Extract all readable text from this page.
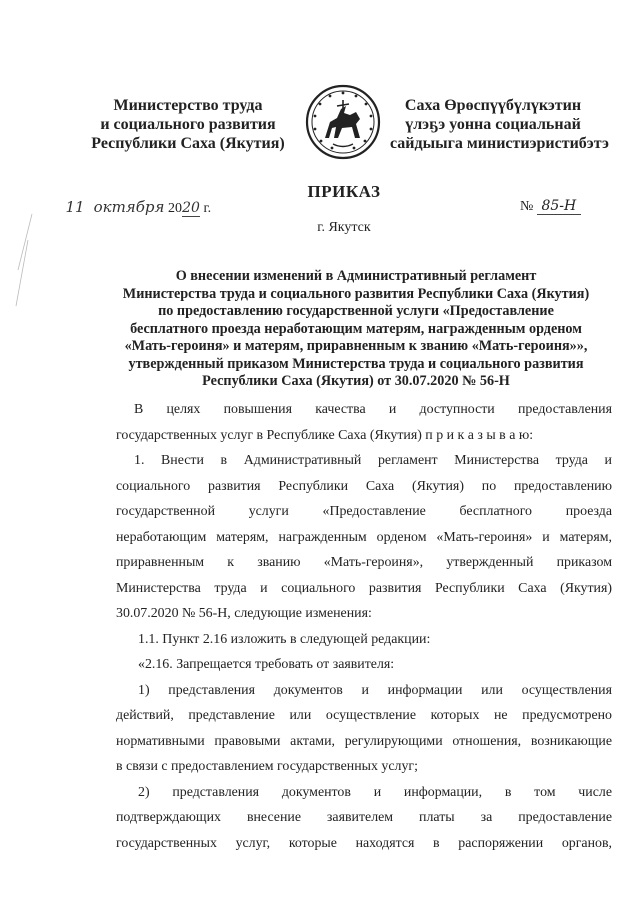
Министерство труда
и социального развития
Республики Саха (Якутия)
Саха Өрөспүүбүлүкэтин
үлэҕэ уонна социальнай
сайдыыга министиэристибэтэ
ПРИКАЗ
11 октября 2020 г.	№ 85-Н
г. Якутск
О внесении изменений в Административный регламент
Министерства труда и социального развития Республики Саха (Якутия)
по предоставлению государственной услуги «Предоставление
бесплатного проезда неработающим матерям, награжденным орденом
«Мать-героиня» и матерям, приравненным к званию «Мать-героиня»»,
утвержденный приказом Министерства труда и социального развития
Республики Саха (Якутия) от 30.07.2020 № 56-Н

В целях повышения качества и доступности предоставления

государственных услуг в Республике Саха (Якутия) п р и к а з ы в а ю:

1. Внести в Административный регламент Министерства труда и

социального развития Республики Саха (Якутия) по предоставлению

государственной услуги «Предоставление бесплатного проезда

неработающим матерям, награжденным орденом «Мать-героиня» и матерям,

приравненным к званию «Мать-героиня», утвержденный приказом

Министерства труда и социального развития Республики Саха (Якутия)

30.07.2020 № 56-Н, следующие изменения:

1.1. Пункт 2.16 изложить в следующей редакции:

«2.16. Запрещается требовать от заявителя:

1) представления документов и информации или осуществления

действий, представление или осуществление которых не предусмотрено

нормативными правовыми актами, регулирующими отношения, возникающие

в связи с предоставлением государственных услуг;

2) представления документов и информации, в том числе

подтверждающих внесение заявителем платы за предоставление

государственных услуг, которые находятся в распоряжении органов,
